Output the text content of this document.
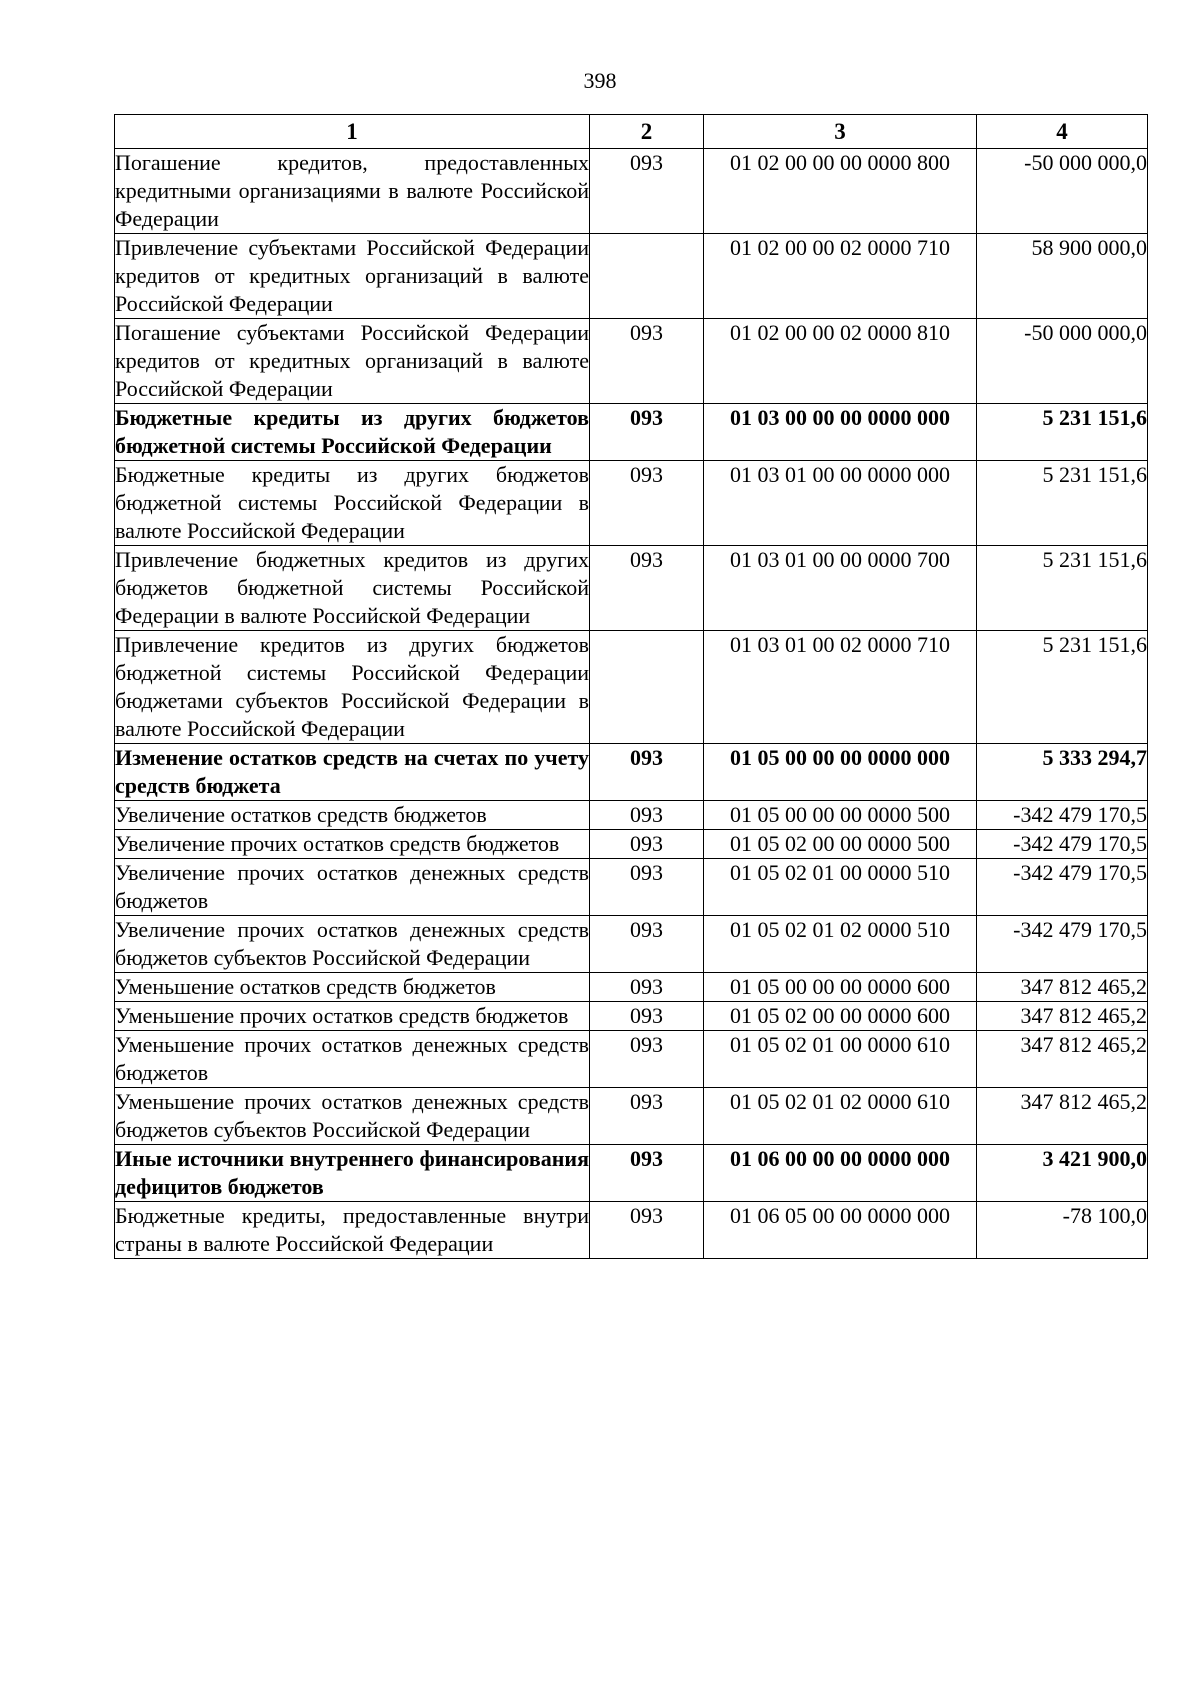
398
1	2	3	4
Погашение кредитов, предоставленных кредитными организациями в валюте Российской Федерации	093	01 02 00 00 00 0000 800	-50 000 000,0
Привлечение субъектами Российской Федерации кредитов от кредитных организаций в валюте Российской Федерации		01 02 00 00 02 0000 710	58 900 000,0
Погашение субъектами Российской Федерации кредитов от кредитных организаций в валюте Российской Федерации	093	01 02 00 00 02 0000 810	-50 000 000,0
Бюджетные кредиты из других бюджетов бюджетной системы Российской Федерации	093	01 03 00 00 00 0000 000	5 231 151,6
Бюджетные кредиты из других бюджетов бюджетной системы Российской Федерации в валюте Российской Федерации	093	01 03 01 00 00 0000 000	5 231 151,6
Привлечение бюджетных кредитов из других бюджетов бюджетной системы Российской Федерации в валюте Российской Федерации	093	01 03 01 00 00 0000 700	5 231 151,6
Привлечение кредитов из других бюджетов бюджетной системы Российской Федерации бюджетами субъектов Российской Федерации в валюте Российской Федерации		01 03 01 00 02 0000 710	5 231 151,6
Изменение остатков средств на счетах по учету средств бюджета	093	01 05 00 00 00 0000 000	5 333 294,7
Увеличение остатков средств бюджетов	093	01 05 00 00 00 0000 500	-342 479 170,5
Увеличение прочих остатков средств бюджетов	093	01 05 02 00 00 0000 500	-342 479 170,5
Увеличение прочих остатков денежных средств бюджетов	093	01 05 02 01 00 0000 510	-342 479 170,5
Увеличение прочих остатков денежных средств бюджетов субъектов Российской Федерации	093	01 05 02 01 02 0000 510	-342 479 170,5
Уменьшение остатков средств бюджетов	093	01 05 00 00 00 0000 600	347 812 465,2
Уменьшение прочих остатков средств бюджетов	093	01 05 02 00 00 0000 600	347 812 465,2
Уменьшение прочих остатков денежных средств бюджетов	093	01 05 02 01 00 0000 610	347 812 465,2
Уменьшение прочих остатков денежных средств бюджетов субъектов Российской Федерации	093	01 05 02 01 02 0000 610	347 812 465,2
Иные источники внутреннего финансирования дефицитов бюджетов	093	01 06 00 00 00 0000 000	3 421 900,0
Бюджетные кредиты, предоставленные внутри страны в валюте Российской Федерации	093	01 06 05 00 00 0000 000	-78 100,0
